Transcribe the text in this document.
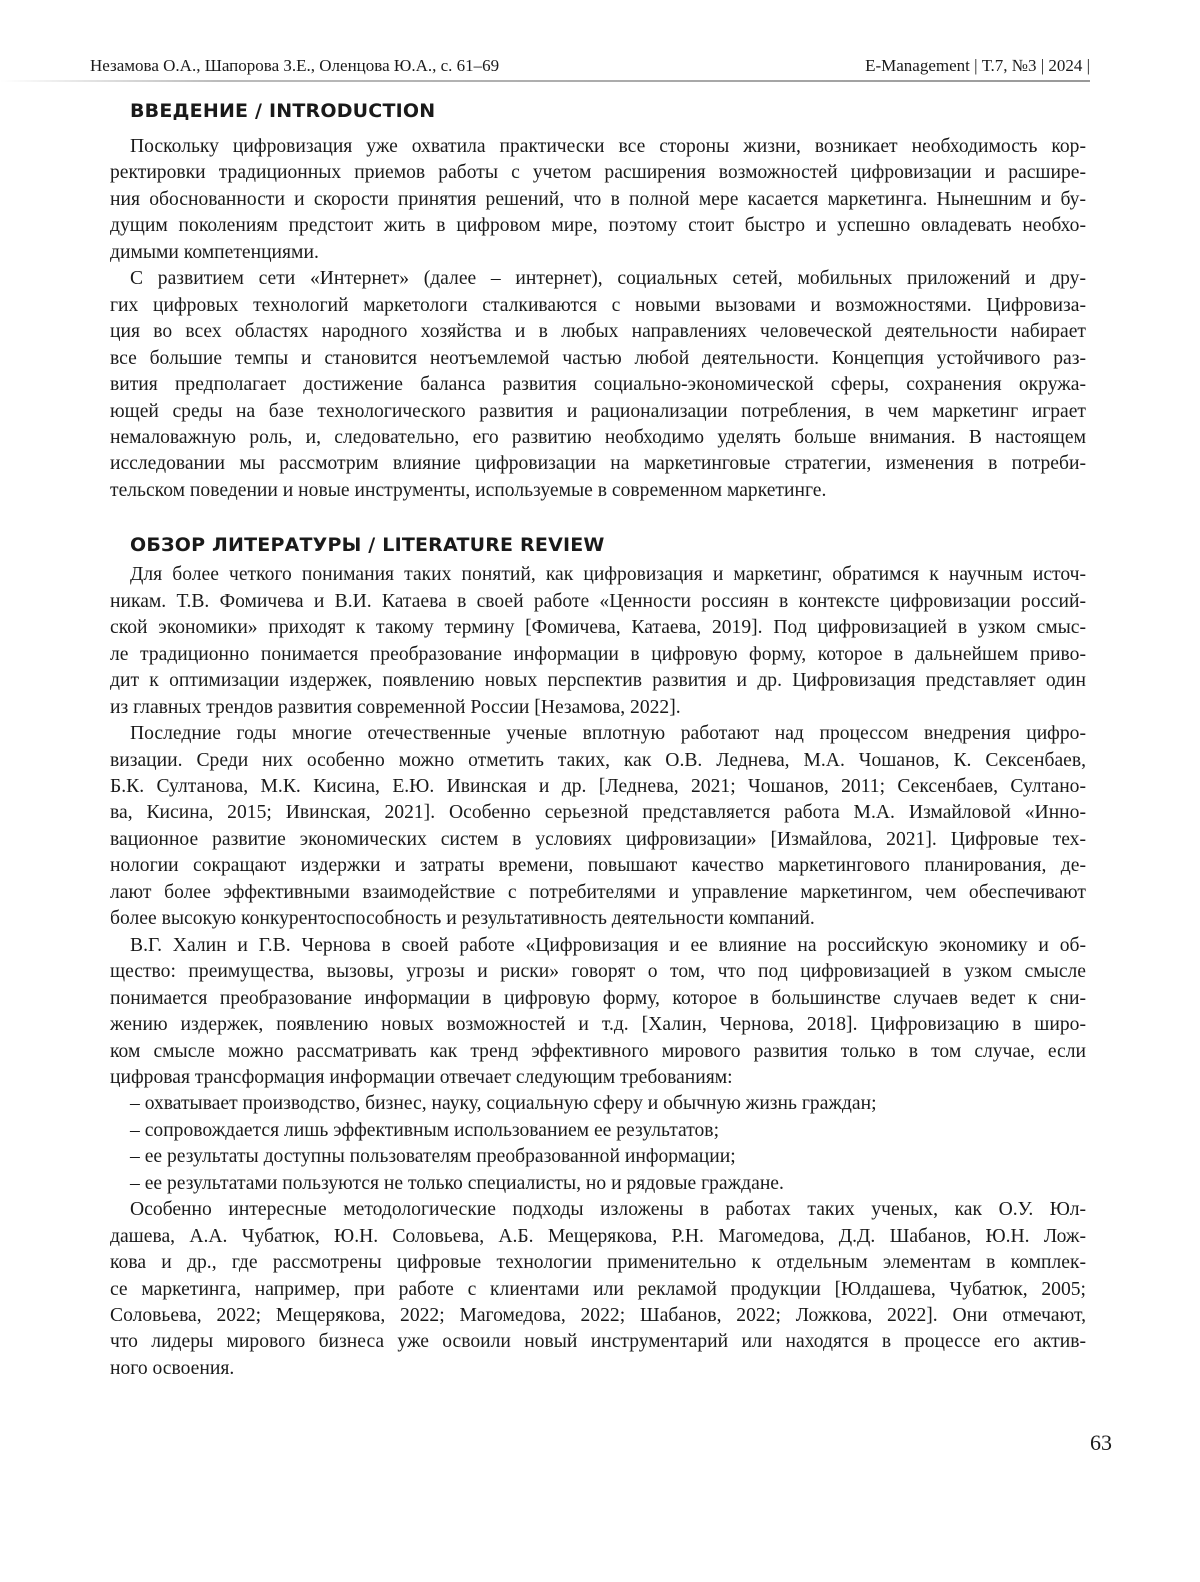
Незамова О.А., Шапорова З.Е., Оленцова Ю.А., с. 61–69	E-Management | Т.7, №3 | 2024 |
ВВЕДЕНИЕ / INTRODUCTION
Поскольку цифровизация уже охватила практически все стороны жизни, возникает необходимость кор-
ректировки традиционных приемов работы с учетом расширения возможностей цифровизации и расшире-
ния обоснованности и скорости принятия решений, что в полной мере касается маркетинга. Нынешним и бу-
дущим поколениям предстоит жить в цифровом мире, поэтому стоит быстро и успешно овладевать необхо-
димыми компетенциями.
С развитием сети «Интернет» (далее – интернет), социальных сетей, мобильных приложений и дру-
гих цифровых технологий маркетологи сталкиваются с новыми вызовами и возможностями. Цифровиза-
ция во всех областях народного хозяйства и в любых направлениях человеческой деятельности набирает
все большие темпы и становится неотъемлемой частью любой деятельности. Концепция устойчивого раз-
вития предполагает достижение баланса развития социально-экономической сферы, сохранения окружа-
ющей среды на базе технологического развития и рационализации потребления, в чем маркетинг играет
немаловажную роль, и, следовательно, его развитию необходимо уделять больше внимания. В настоящем
исследовании мы рассмотрим влияние цифровизации на маркетинговые стратегии, изменения в потреби-
тельском поведении и новые инструменты, используемые в современном маркетинге.
ОБЗОР ЛИТЕРАТУРЫ / LITERATURE REVIEW
Для более четкого понимания таких понятий, как цифровизация и маркетинг, обратимся к научным источ-
никам. Т.В. Фомичева и В.И. Катаева в своей работе «Ценности россиян в контексте цифровизации россий-
ской экономики» приходят к такому термину [Фомичева, Катаева, 2019]. Под цифровизацией в узком смыс-
ле традиционно понимается преобразование информации в цифровую форму, которое в дальнейшем приво-
дит к оптимизации издержек, появлению новых перспектив развития и др. Цифровизация представляет один
из главных трендов развития современной России [Незамова, 2022].
Последние годы многие отечественные ученые вплотную работают над процессом внедрения цифро-
визации. Среди них особенно можно отметить таких, как О.В. Леднева, М.А. Чошанов, К. Сексенбаев,
Б.К. Султанова, М.К. Кисина, Е.Ю. Ивинская и др. [Леднева, 2021; Чошанов, 2011; Сексенбаев, Султано-
ва, Кисина, 2015; Ивинская, 2021]. Особенно серьезной представляется работа М.А. Измайловой «Инно-
вационное развитие экономических систем в условиях цифровизации» [Измайлова, 2021]. Цифровые тех-
нологии сокращают издержки и затраты времени, повышают качество маркетингового планирования, де-
лают более эффективными взаимодействие с потребителями и управление маркетингом, чем обеспечивают
более высокую конкурентоспособность и результативность деятельности компаний.
В.Г. Халин и Г.В. Чернова в своей работе «Цифровизация и ее влияние на российскую экономику и об-
щество: преимущества, вызовы, угрозы и риски» говорят о том, что под цифровизацией в узком смысле
понимается преобразование информации в цифровую форму, которое в большинстве случаев ведет к сни-
жению издержек, появлению новых возможностей и т.д. [Халин, Чернова, 2018]. Цифровизацию в широ-
ком смысле можно рассматривать как тренд эффективного мирового развития только в том случае, если
цифровая трансформация информации отвечает следующим требованиям:
– охватывает производство, бизнес, науку, социальную сферу и обычную жизнь граждан;
– сопровождается лишь эффективным использованием ее результатов;
– ее результаты доступны пользователям преобразованной информации;
– ее результатами пользуются не только специалисты, но и рядовые граждане.
Особенно интересные методологические подходы изложены в работах таких ученых, как О.У. Юл-
дашева, А.А. Чубатюк, Ю.Н. Соловьева, А.Б. Мещерякова, Р.Н. Магомедова, Д.Д. Шабанов, Ю.Н. Лож-
кова и др., где рассмотрены цифровые технологии применительно к отдельным элементам в комплек-
се маркетинга, например, при работе с клиентами или рекламой продукции [Юлдашева, Чубатюк, 2005;
Соловьева, 2022; Мещерякова, 2022; Магомедова, 2022; Шабанов, 2022; Ложкова, 2022]. Они отмечают,
что лидеры мирового бизнеса уже освоили новый инструментарий или находятся в процессе его актив-
ного освоения.
63
